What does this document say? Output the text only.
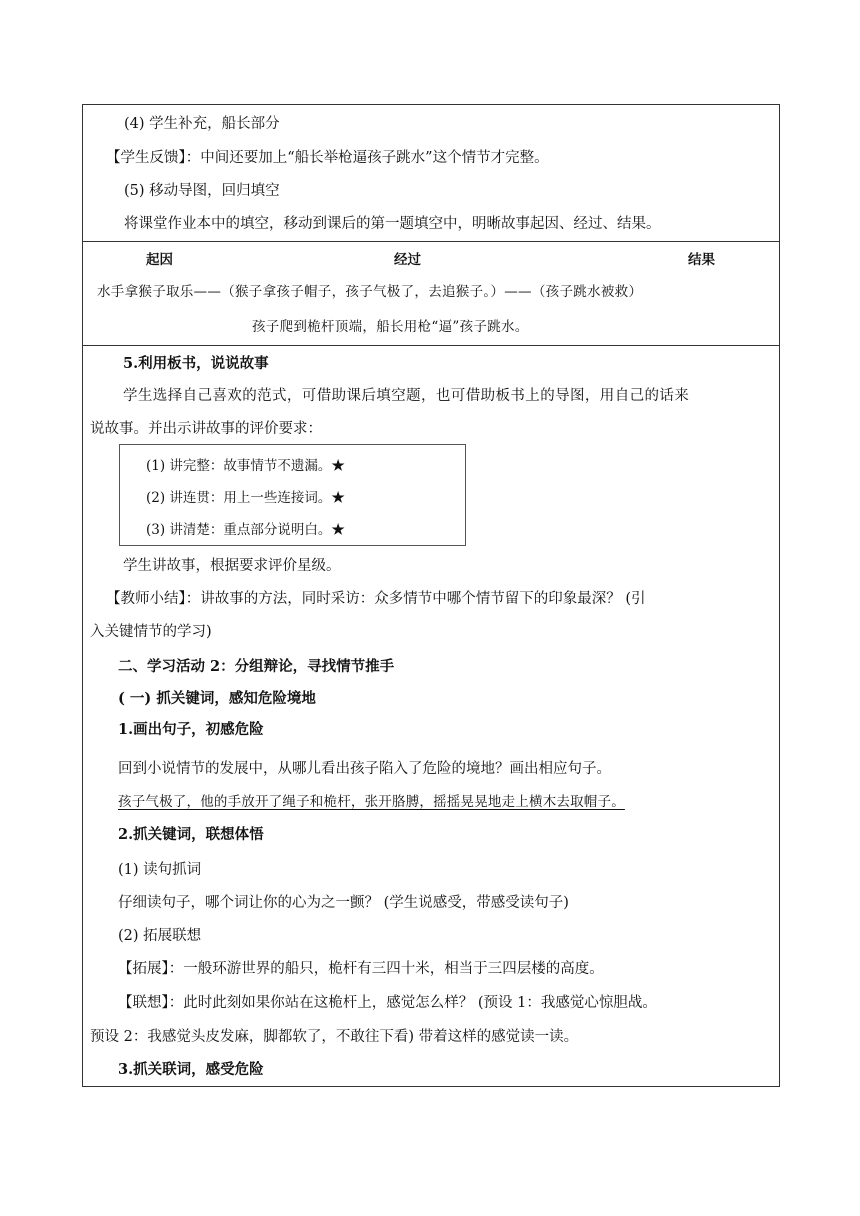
(4) 学生补充，船长部分
【学生反馈】：中间还要加上“船长举枪逼孩子跳水”这个情节才完整。
(5) 移动导图，回归填空
将课堂作业本中的填空，移动到课后的第一题填空中，明晰故事起因、经过、结果。
起因	经过	结果
水手拿猴子取乐——（猴子拿孩子帽子，孩子气极了，去追猴子。）——（孩子跳水被救）
孩子爬到桅杆顶端，船长用枪“逼”孩子跳水。
5.利用板书，说说故事
学生选择自己喜欢的范式，可借助课后填空题，也可借助板书上的导图，用自己的话来
说故事。并出示讲故事的评价要求：
(1) 讲完整：故事情节不遗漏。★
(2) 讲连贯：用上一些连接词。★
(3) 讲清楚：重点部分说明白。★
学生讲故事，根据要求评价星级。
【教师小结】：讲故事的方法，同时采访：众多情节中哪个情节留下的印象最深？ (引
入关键情节的学习)
二、学习活动 2：分组辩论，寻找情节推手
( 一) 抓关键词，感知危险境地
1.画出句子，初感危险
回到小说情节的发展中，从哪儿看出孩子陷入了危险的境地？画出相应句子。
孩子气极了，他的手放开了绳子和桅杆，张开胳膊，摇摇晃晃地走上横木去取帽子。
2.抓关键词，联想体悟
(1) 读句抓词
仔细读句子，哪个词让你的心为之一颤？ (学生说感受，带感受读句子)
(2) 拓展联想
【拓展】：一般环游世界的船只，桅杆有三四十米，相当于三四层楼的高度。
【联想】：此时此刻如果你站在这桅杆上，感觉怎么样？ (预设 1：我感觉心惊胆战。
预设 2：我感觉头皮发麻，脚都软了，不敢往下看) 带着这样的感觉读一读。
3.抓关联词，感受危险
